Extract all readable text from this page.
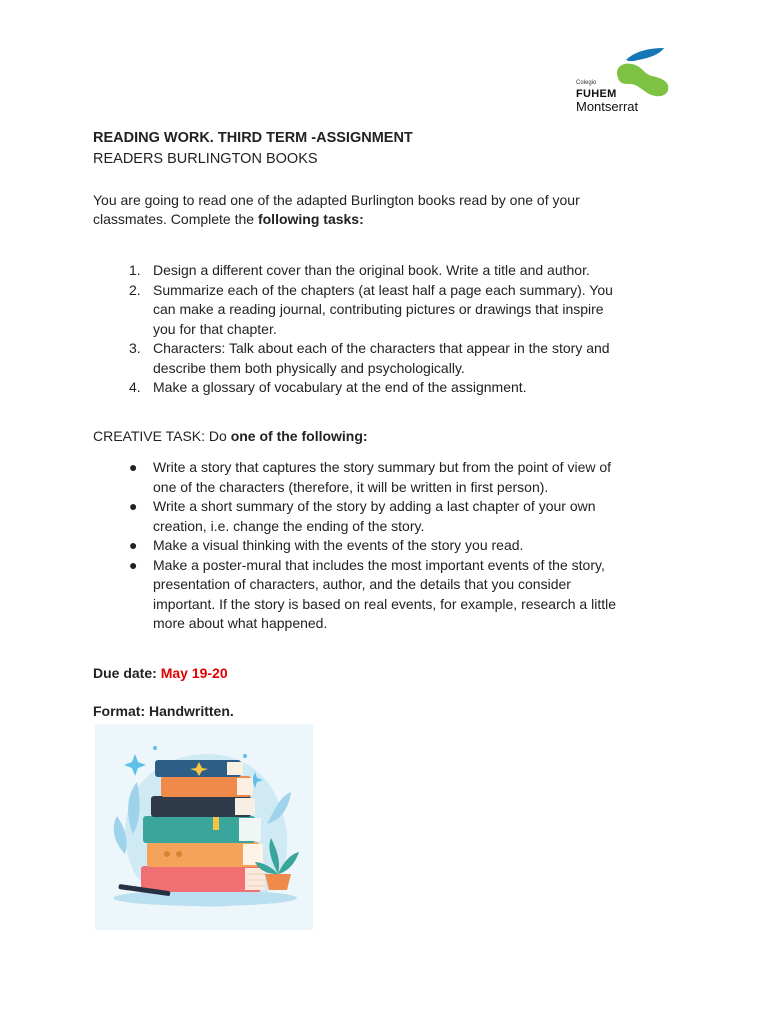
Colegio
FUHEM
Montserrat
READING WORK. THIRD TERM -ASSIGNMENT
READERS BURLINGTON BOOKS
You are going to read one of the adapted Burlington books read by one of your
classmates. Complete the following tasks:
1. Design a different cover than the original book. Write a title and author.
2. Summarize each of the chapters (at least half a page each summary). You
can make a reading journal, contributing pictures or drawings that inspire
you for that chapter.
3. Characters: Talk about each of the characters that appear in the story and
describe them both physically and psychologically.
4. Make a glossary of vocabulary at the end of the assignment.
CREATIVE TASK: Do one of the following:
●	Write a story that captures the story summary but from the point of view of
one of the characters (therefore, it will be written in first person).
●	Write a short summary of the story by adding a last chapter of your own
creation, i.e. change the ending of the story.
●	Make a visual thinking with the events of the story you read.
●	Make a poster-mural that includes the most important events of the story,
presentation of characters, author, and the details that you consider
important. If the story is based on real events, for example, research a little
more about what happened.
Due date: May 19-20
Format: Handwritten.
